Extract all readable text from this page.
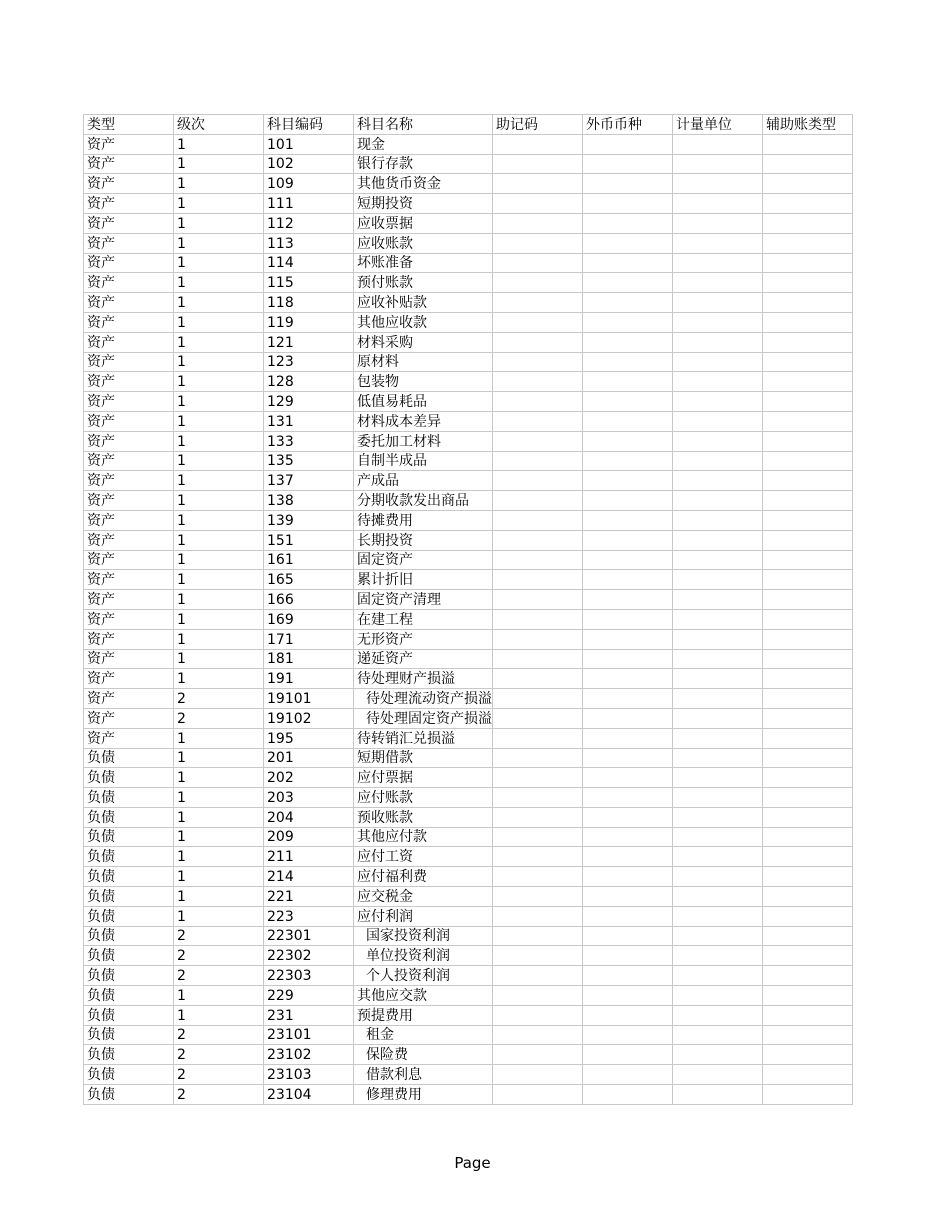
类型	级次	科目编码	科目名称	助记码	外币币种	计量单位	辅助账类型
资产	1	101	现金				
资产	1	102	银行存款				
资产	1	109	其他货币资金				
资产	1	111	短期投资				
资产	1	112	应收票据				
资产	1	113	应收账款				
资产	1	114	坏账准备				
资产	1	115	预付账款				
资产	1	118	应收补贴款				
资产	1	119	其他应收款				
资产	1	121	材料采购				
资产	1	123	原材料				
资产	1	128	包装物				
资产	1	129	低值易耗品				
资产	1	131	材料成本差异				
资产	1	133	委托加工材料				
资产	1	135	自制半成品				
资产	1	137	产成品				
资产	1	138	分期收款发出商品				
资产	1	139	待摊费用				
资产	1	151	长期投资				
资产	1	161	固定资产				
资产	1	165	累计折旧				
资产	1	166	固定资产清理				
资产	1	169	在建工程				
资产	1	171	无形资产				
资产	1	181	递延资产				
资产	1	191	待处理财产损溢				
资产	2	19101	待处理流动资产损溢				
资产	2	19102	待处理固定资产损溢				
资产	1	195	待转销汇兑损溢				
负债	1	201	短期借款				
负债	1	202	应付票据				
负债	1	203	应付账款				
负债	1	204	预收账款				
负债	1	209	其他应付款				
负债	1	211	应付工资				
负债	1	214	应付福利费				
负债	1	221	应交税金				
负债	1	223	应付利润				
负债	2	22301	国家投资利润				
负债	2	22302	单位投资利润				
负债	2	22303	个人投资利润				
负债	1	229	其他应交款				
负债	1	231	预提费用				
负债	2	23101	租金				
负债	2	23102	保险费				
负债	2	23103	借款利息				
负债	2	23104	修理费用				
Page
